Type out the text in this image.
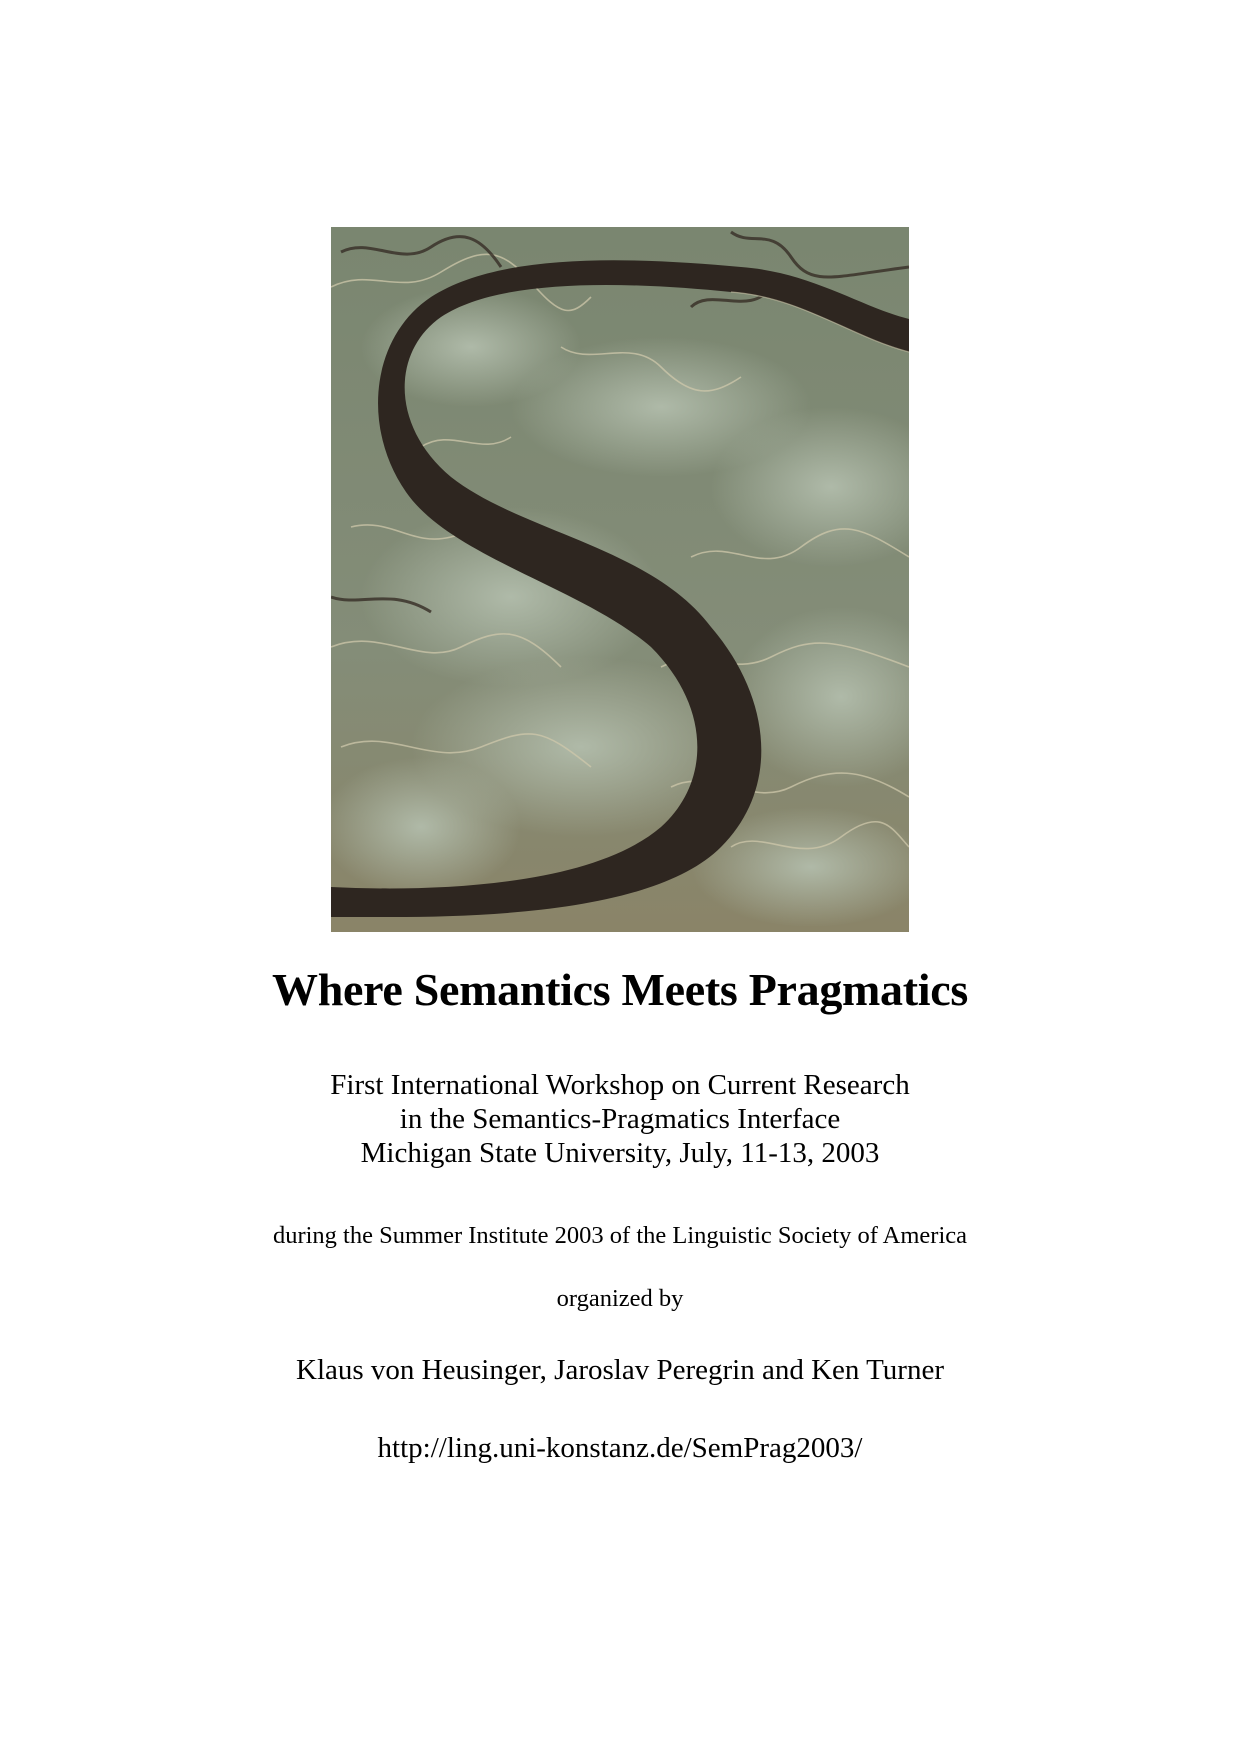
Where Semantics Meets Pragmatics
First International Workshop on Current Research
in the Semantics-Pragmatics Interface
Michigan State University, July, 11-13, 2003
during the Summer Institute 2003 of the Linguistic Society of America
organized by
Klaus von Heusinger, Jaroslav Peregrin and Ken Turner
http://ling.uni-konstanz.de/SemPrag2003/
